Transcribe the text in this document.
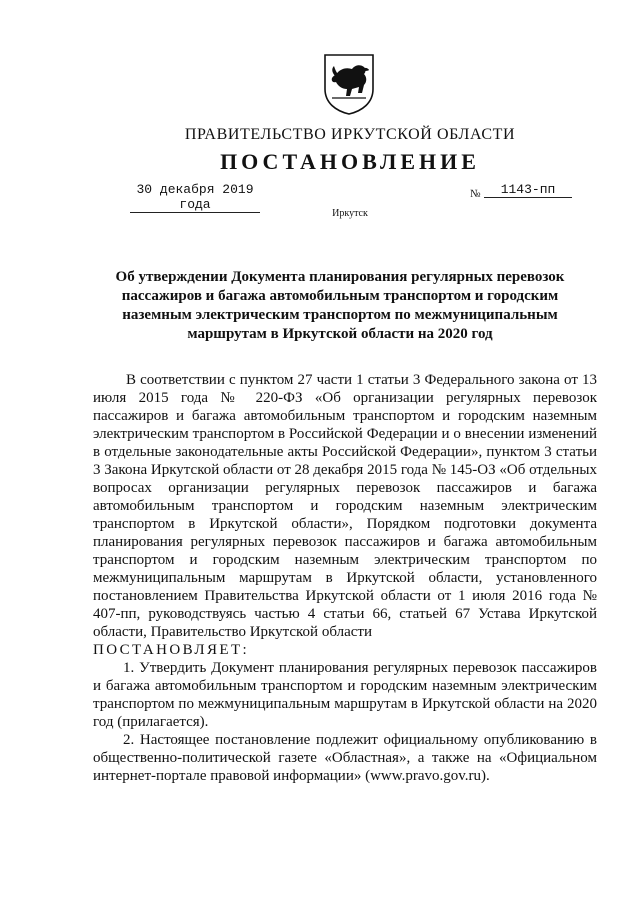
ПРАВИТЕЛЬСТВО ИРКУТСКОЙ ОБЛАСТИ
ПОСТАНОВЛЕНИЕ
30 декабря 2019 года
№	1143-пп
Иркутск
Об утверждении Документа планирования регулярных перевозок пассажиров и багажа автомобильным транспортом и городским наземным электрическим транспортом по межмуниципальным маршрутам в Иркутской области на 2020 год

В соответствии с пунктом 27 части 1 статьи 3 Федерального закона от 13 июля 2015 года № 220-ФЗ «Об организации регулярных перевозок пассажиров и багажа автомобильным транспортом и городским наземным электрическим транспортом в Российской Федерации и о внесении изменений в отдельные законодательные акты Российской Федерации», пунктом 3 статьи 3 Закона Иркутской области от 28 декабря 2015 года № 145-ОЗ «Об отдельных вопросах организации регулярных перевозок пассажиров и багажа автомобильным транспортом и городским наземным электрическим транспортом в Иркутской области», Порядком подготовки документа планирования регулярных перевозок пассажиров и багажа автомобильным транспортом и городским наземным электрическим транспортом по межмуниципальным маршрутам в Иркутской области, установленного постановлением Правительства Иркутской области от 1 июля 2016 года № 407-пп, руководствуясь частью 4 статьи 66, статьей 67 Устава Иркутской области, Правительство Иркутской области

ПОСТАНОВЛЯЕТ:

1. Утвердить Документ планирования регулярных перевозок пассажиров и багажа автомобильным транспортом и городским наземным электрическим транспортом по межмуниципальным маршрутам в Иркутской области на 2020 год (прилагается).

2. Настоящее постановление подлежит официальному опубликованию в общественно-политической газете «Областная», а также на «Официальном интернет-портале правовой информации» (www.pravo.gov.ru).
